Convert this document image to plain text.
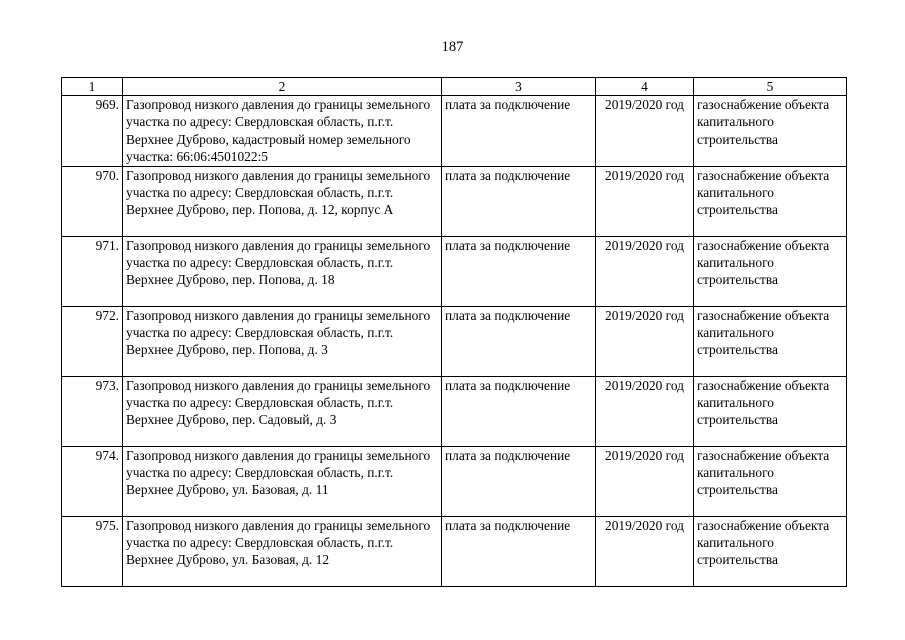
187
1	2	3	4	5
969.	Газопровод низкого давления до границы земельного участка по адресу: Свердловская область, п.г.т. Верхнее Дуброво, кадастровый номер земельного участка: 66:06:4501022:5	плата за подключение	2019/2020 год	газоснабжение объекта капитального строительства
970.	Газопровод низкого давления до границы земельного участка по адресу: Свердловская область, п.г.т. Верхнее Дуброво, пер. Попова, д. 12, корпус А	плата за подключение	2019/2020 год	газоснабжение объекта капитального строительства
971.	Газопровод низкого давления до границы земельного участка по адресу: Свердловская область, п.г.т. Верхнее Дуброво, пер. Попова, д. 18	плата за подключение	2019/2020 год	газоснабжение объекта капитального строительства
972.	Газопровод низкого давления до границы земельного участка по адресу: Свердловская область, п.г.т. Верхнее Дуброво, пер. Попова, д. 3	плата за подключение	2019/2020 год	газоснабжение объекта капитального строительства
973.	Газопровод низкого давления до границы земельного участка по адресу: Свердловская область, п.г.т. Верхнее Дуброво, пер. Садовый, д. 3	плата за подключение	2019/2020 год	газоснабжение объекта капитального строительства
974.	Газопровод низкого давления до границы земельного участка по адресу: Свердловская область, п.г.т. Верхнее Дуброво, ул. Базовая, д. 11	плата за подключение	2019/2020 год	газоснабжение объекта капитального строительства
975.	Газопровод низкого давления до границы земельного участка по адресу: Свердловская область, п.г.т. Верхнее Дуброво, ул. Базовая, д. 12	плата за подключение	2019/2020 год	газоснабжение объекта капитального строительства
